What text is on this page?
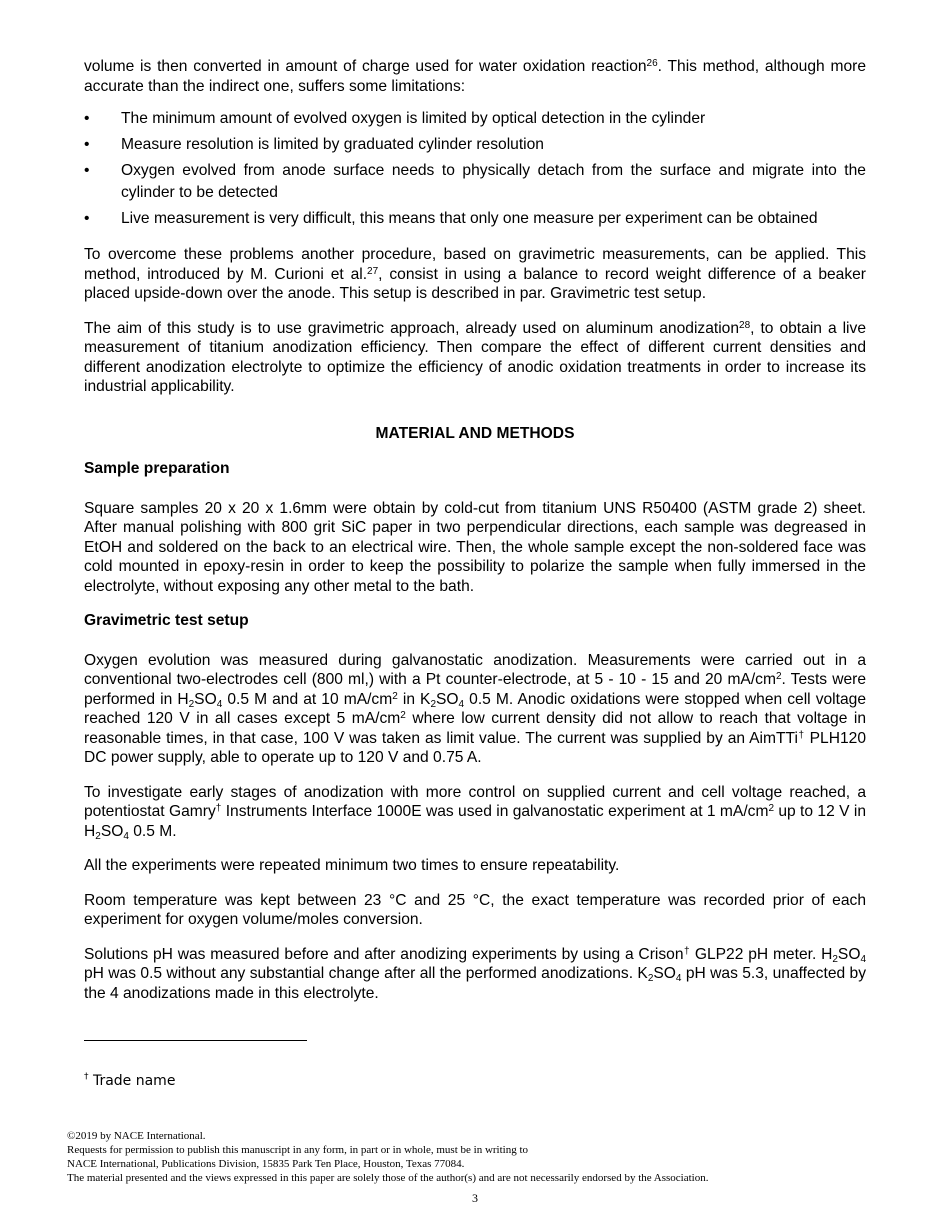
volume is then converted in amount of charge used for water oxidation reaction$^{26}$. This method, although more accurate than the indirect one, suffers some limitations:

• The minimum amount of evolved oxygen is limited by optical detection in the cylinder
• Measure resolution is limited by graduated cylinder resolution
• Oxygen evolved from anode surface needs to physically detach from the surface and migrate into the cylinder to be detected
• Live measurement is very difficult, this means that only one measure per experiment can be obtained

To overcome these problems another procedure, based on gravimetric measurements, can be applied. This method, introduced by M. Curioni et al.$^{27}$, consist in using a balance to record weight difference of a beaker placed upside-down over the anode. This setup is described in par. Gravimetric test setup.

The aim of this study is to use gravimetric approach, already used on aluminum anodization$^{28}$, to obtain a live measurement of titanium anodization efficiency. Then compare the effect of different current densities and different anodization electrolyte to optimize the efficiency of anodic oxidation treatments in order to increase its industrial applicability.

MATERIAL AND METHODS

Sample preparation

Square samples 20 x 20 x 1.6mm were obtain by cold-cut from titanium UNS R50400 (ASTM grade 2) sheet. After manual polishing with 800 grit SiC paper in two perpendicular directions, each sample was degreased in EtOH and soldered on the back to an electrical wire. Then, the whole sample except the non-soldered face was cold mounted in epoxy-resin in order to keep the possibility to polarize the sample when fully immersed in the electrolyte, without exposing any other metal to the bath.

Gravimetric test setup

Oxygen evolution was measured during galvanostatic anodization. Measurements were carried out in a conventional two-electrodes cell (800 ml,) with a Pt counter-electrode, at 5 - 10 - 15 and 20 $mA/cm^2$. Tests were performed in $H_2SO_4$ 0.5 M and at 10 $mA/cm^2$ in $K_2SO_4$ 0.5 M. Anodic oxidations were stopped when cell voltage reached 120 V in all cases except 5 $mA/cm^2$ where low current density did not allow to reach that voltage in reasonable times, in that case, 100 V was taken as limit value. The current was supplied by an AimTTi† PLH120 DC power supply, able to operate up to 120 V and 0.75 A.

To investigate early stages of anodization with more control on supplied current and cell voltage reached, a potentiostat Gamry† Instruments Interface 1000E was used in galvanostatic experiment at 1 $mA/cm^2$ up to 12 V in $H_2SO_4$ 0.5 M.

All the experiments were repeated minimum two times to ensure repeatability.

Room temperature was kept between 23 °C and 25 °C, the exact temperature was recorded prior of each experiment for oxygen volume/moles conversion.

Solutions pH was measured before and after anodizing experiments by using a Crison† GLP22 pH meter. $H_2SO_4$ pH was 0.5 without any substantial change after all the performed anodizations. $K_2SO_4$ pH was 5.3, unaffected by the 4 anodizations made in this electrolyte.

† Trade name
©2019 by NACE International.
Requests for permission to publish this manuscript in any form, in part or in whole, must be in writing to
NACE International, Publications Division, 15835 Park Ten Place, Houston, Texas 77084.
The material presented and the views expressed in this paper are solely those of the author(s) and are not necessarily endorsed by the Association.
3
